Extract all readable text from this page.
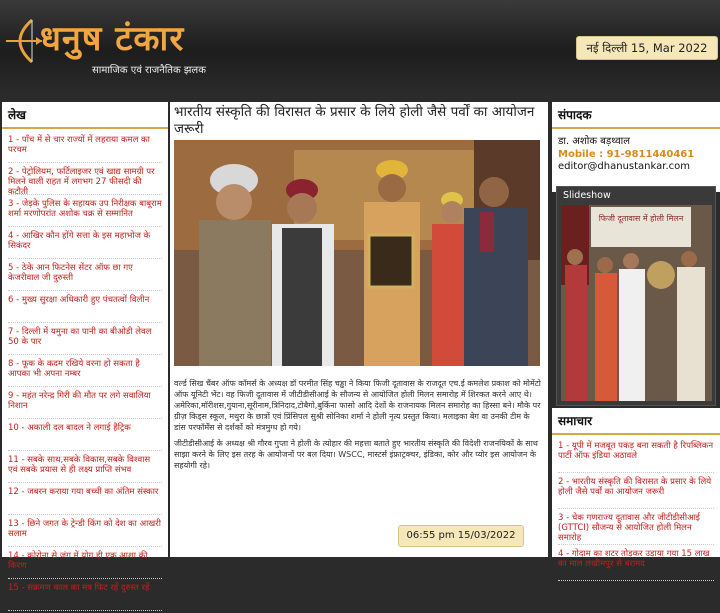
धनुष टंकार
सामाजिक एवं राजनैतिक झलक
नई दिल्ली 15, Mar 2022
लेख
1 - पाँच में से चार राज्यों में लहराया कमल का परचम
2 - पेट्रोलियम, फर्टिलाइजर एवं खाद्य सामग्री पर मिलने वाली राहत में लगभग 27 फीसदी की कटौती
3 - जेड़के पुलिस के सहायक उप निरीक्षक बाबूराम शर्मा मरणोपरांत अशोक चक्र से सम्मानित
4 - आखिर कौन होंगे सत्ता के इस महाभोज के सिकंदर
5 - ठेके आन फिटनेस सेंटर ऑफ छा गए केजरीवाल जी दुरुस्ती
6 - मुख्य सुरक्षा अधिकारी हुए पंचतत्वों विलीन
7 - दिल्ली में यमुना का पानी का बीओडी लेवल 50 के पार
8 - फूक के कदम रखिये वरना हो सकता है आपका भी अपना नम्बर
9 - महंत नरेन्द्र गिरी की मौत पर लगे सवालिया निशान
10 - अकाली दल बादल ने लगाई हैट्रिक
11 - सबके साथ,सबके विकास,सबके विश्वास एवं सबके प्रयास से ही लक्ष्य प्राप्ति संभव
12 - जबरन कराया गया बच्ची का अंतिम संस्कार
13 - छिने जगत के ट्रेन्डी किंग को देश का आखरी सलाम
14 - कोरोना से जंग में योग ही एक आशा की किरण
15 - संक्रमण काल का मंत्र फिट रहें दुरुस्त रहें
भारतीय संस्कृति की विरासत के प्रसार के लिये होली जैसे पर्वों का आयोजन जरूरी

वर्ल्ड सिख चैंबर ऑफ कॉमर्स के अध्यक्ष डॉ परमीत सिंह चड्ढा ने किया फिजी दूतावास के राजदूत एच.ई कमलेश प्रकाश को मोमेंटो ऑफ यूनिटी भेंट। वह फिजी दूतावास में जीटीडीसीआई के सौजन्य से आयोजित होली मिलन समारोह में शिरकत करने आए थे। अमेरिका,मॉरीशस,गुयाना,सूरीनाम,त्रिनिदाद,टोबैगो,बुर्किना फासो आदि देशों के राजनायक मिलन समारोह का हिस्सा बने। मौके पर ग्रीज़ किड्स स्कूल, मथुरा के छात्रों एवं प्रिंसिपल सुश्री सोनिका शर्मा ने होली नृत्य प्रस्तुत किया। मलाइका बेग वा उनकी टीम के डांस परफॉर्मेंस से दर्शकों को मंत्रमुग्ध हो गये।

जीटीडीसीआई के अध्यक्ष श्री गौरव गुप्ता ने होली के त्योहार की महत्ता बताते हुए भारतीय संस्कृति की विदेशी राजनयिकों के साथ साझा करने के लिए इस तरह के आयोजनों पर बल दिया। WSCC, मास्टर्स इंफ्राट्रक्चर, इंडिका, कोर और प्योर इस आयोजन के सहयोगी रहे।

06:55 pm 15/03/2022
संपादक
डा. अशोक बड़थ्वाल
Mobile : 91-9811440461
editor@dhanustankar.com
Slideshow
फिजी दूतावास में होली मिलन
समाचार
1 - यूपी में मजबूत पकड़ बना सकती है रिपब्लिकन पार्टी ऑफ इंडिया अठावले
2 - भारतीय संस्कृति की विरासत के प्रसार के लिये होली जैसे पर्वों का आयोजन जरूरी
3 - चेक गणराज्य दूतावास और जीटीडीसीआई (GTTCI) सौजन्य से आयोजित होली मिलन समारोह
4 - गोदाम का शटर तोड़कर उड़ाया गया 15 लाख का माल लखीमपुर से बरामद
